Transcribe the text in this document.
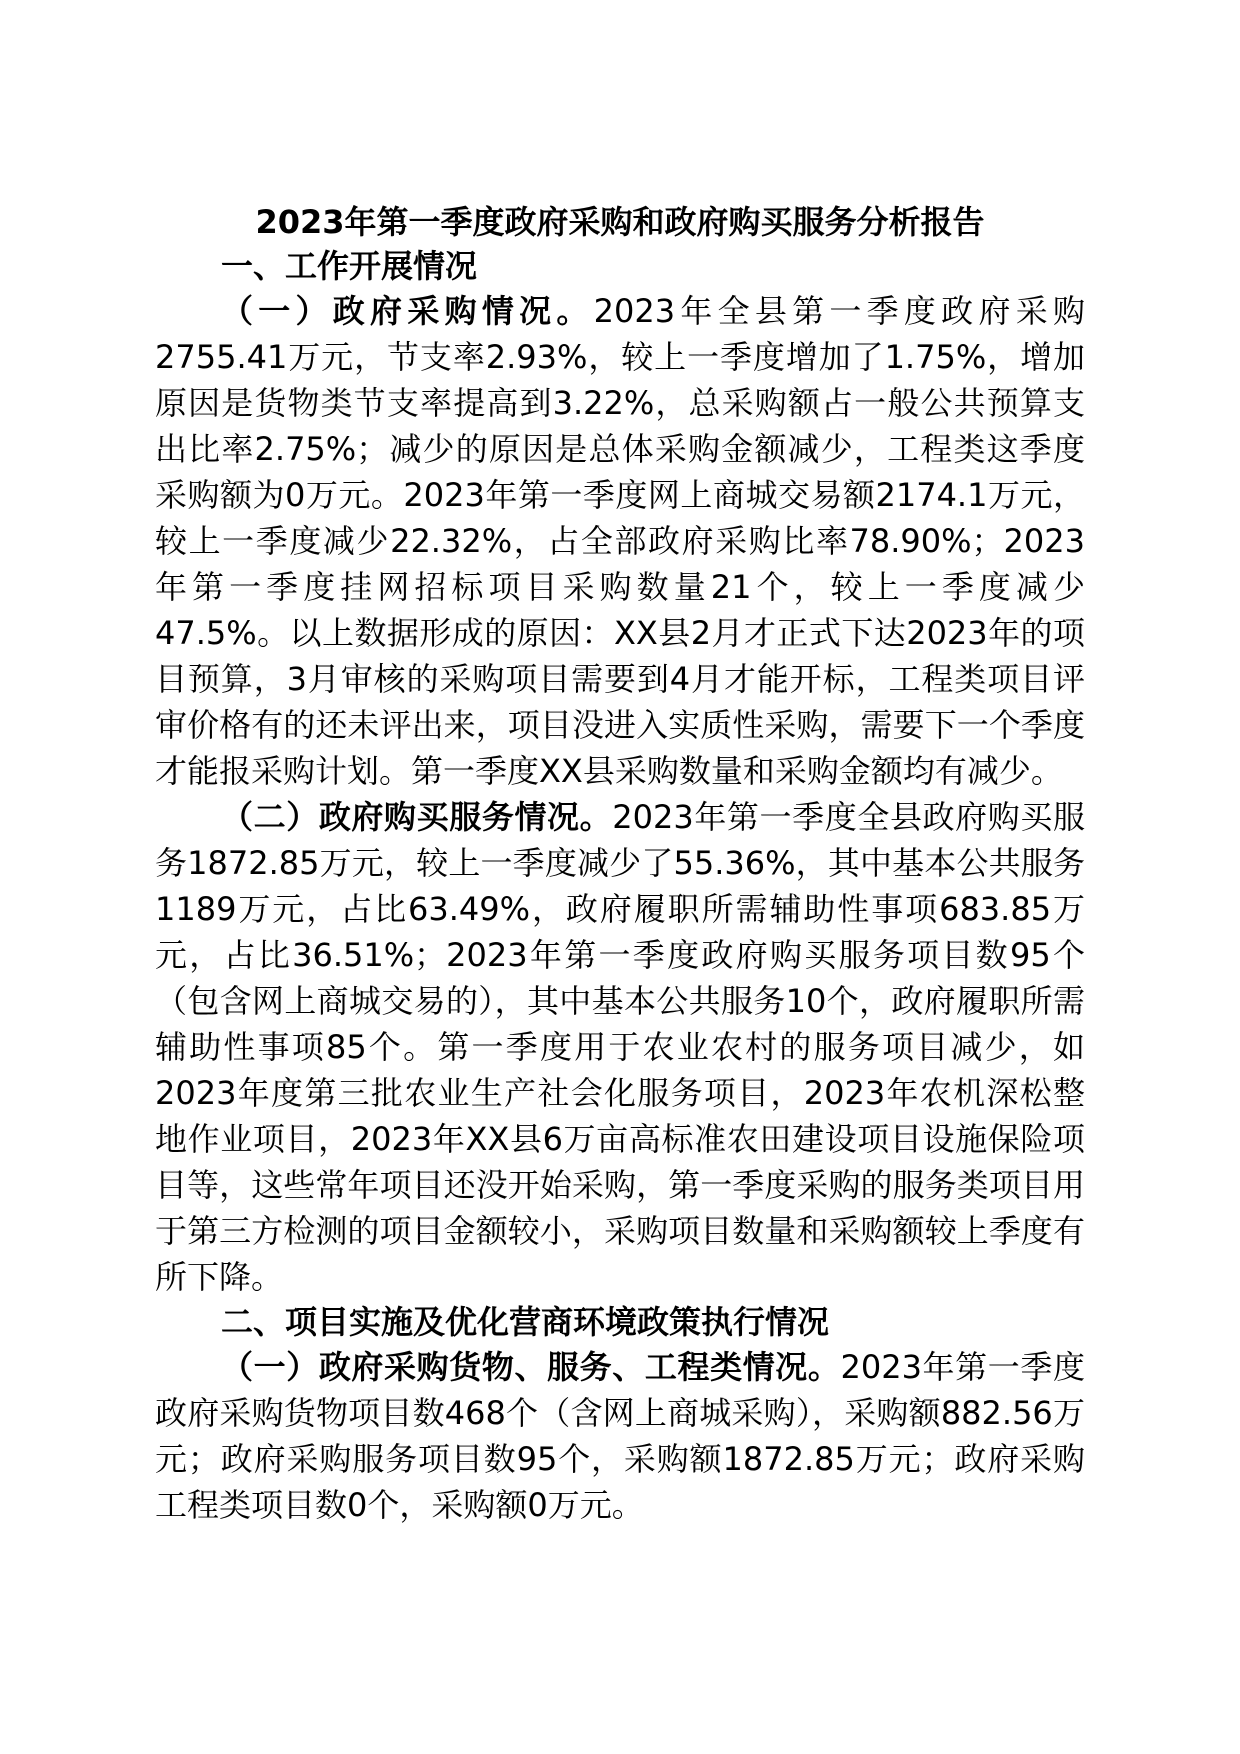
2023年第一季度政府采购和政府购买服务分析报告
一、工作开展情况

（一）政府采购情况。2023年全县第一季度政府采购2755.41万元，节支率2.93%，较上一季度增加了1.75%，增加原因是货物类节支率提高到3.22%，总采购额占一般公共预算支出比率2.75%；减少的原因是总体采购金额减少，工程类这季度采购额为0万元。2023年第一季度网上商城交易额2174.1万元，较上一季度减少22.32%，占全部政府采购比率78.90%；2023年第一季度挂网招标项目采购数量21个，较上一季度减少47.5%。以上数据形成的原因：XX县2月才正式下达2023年的项目预算，3月审核的采购项目需要到4月才能开标，工程类项目评审价格有的还未评出来，项目没进入实质性采购，需要下一个季度才能报采购计划。第一季度XX县采购数量和采购金额均有减少。

（二）政府购买服务情况。2023年第一季度全县政府购买服务1872.85万元，较上一季度减少了55.36%，其中基本公共服务1189万元，占比63.49%，政府履职所需辅助性事项683.85万元，占比36.51%；2023年第一季度政府购买服务项目数95个（包含网上商城交易的），其中基本公共服务10个，政府履职所需辅助性事项85个。第一季度用于农业农村的服务项目减少，如2023年度第三批农业生产社会化服务项目，2023年农机深松整地作业项目，2023年XX县6万亩高标准农田建设项目设施保险项目等，这些常年项目还没开始采购，第一季度采购的服务类项目用于第三方检测的项目金额较小，采购项目数量和采购额较上季度有所下降。

二、项目实施及优化营商环境政策执行情况

（一）政府采购货物、服务、工程类情况。2023年第一季度政府采购货物项目数468个（含网上商城采购），采购额882.56万元；政府采购服务项目数95个，采购额1872.85万元；政府采购工程类项目数0个，采购额0万元。
